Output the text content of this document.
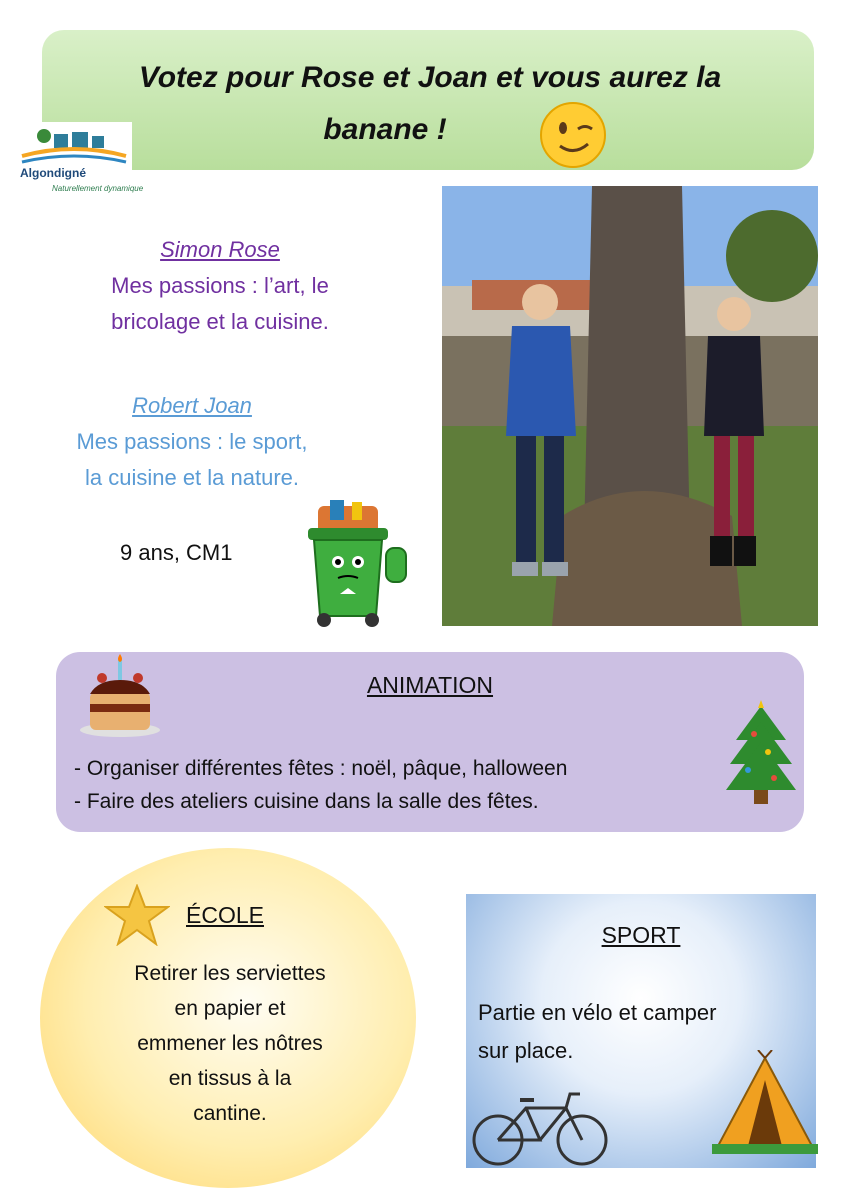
Votez pour Rose et Joan et vous aurez la
banane !
Algondigné
Naturellement dynamique
Simon Rose
Mes passions : l’art, le
bricolage et la cuisine.
Robert Joan
Mes passions : le sport,
la cuisine et la nature.
9 ans, CM1
ANIMATION
- Organiser différentes fêtes : noël, pâque, halloween
- Faire des ateliers cuisine dans la salle des fêtes.
ÉCOLE
Retirer les serviettes
en papier et
emmener les nôtres
en tissus à la
cantine.
SPORT
Partie en vélo et camper
sur place.
